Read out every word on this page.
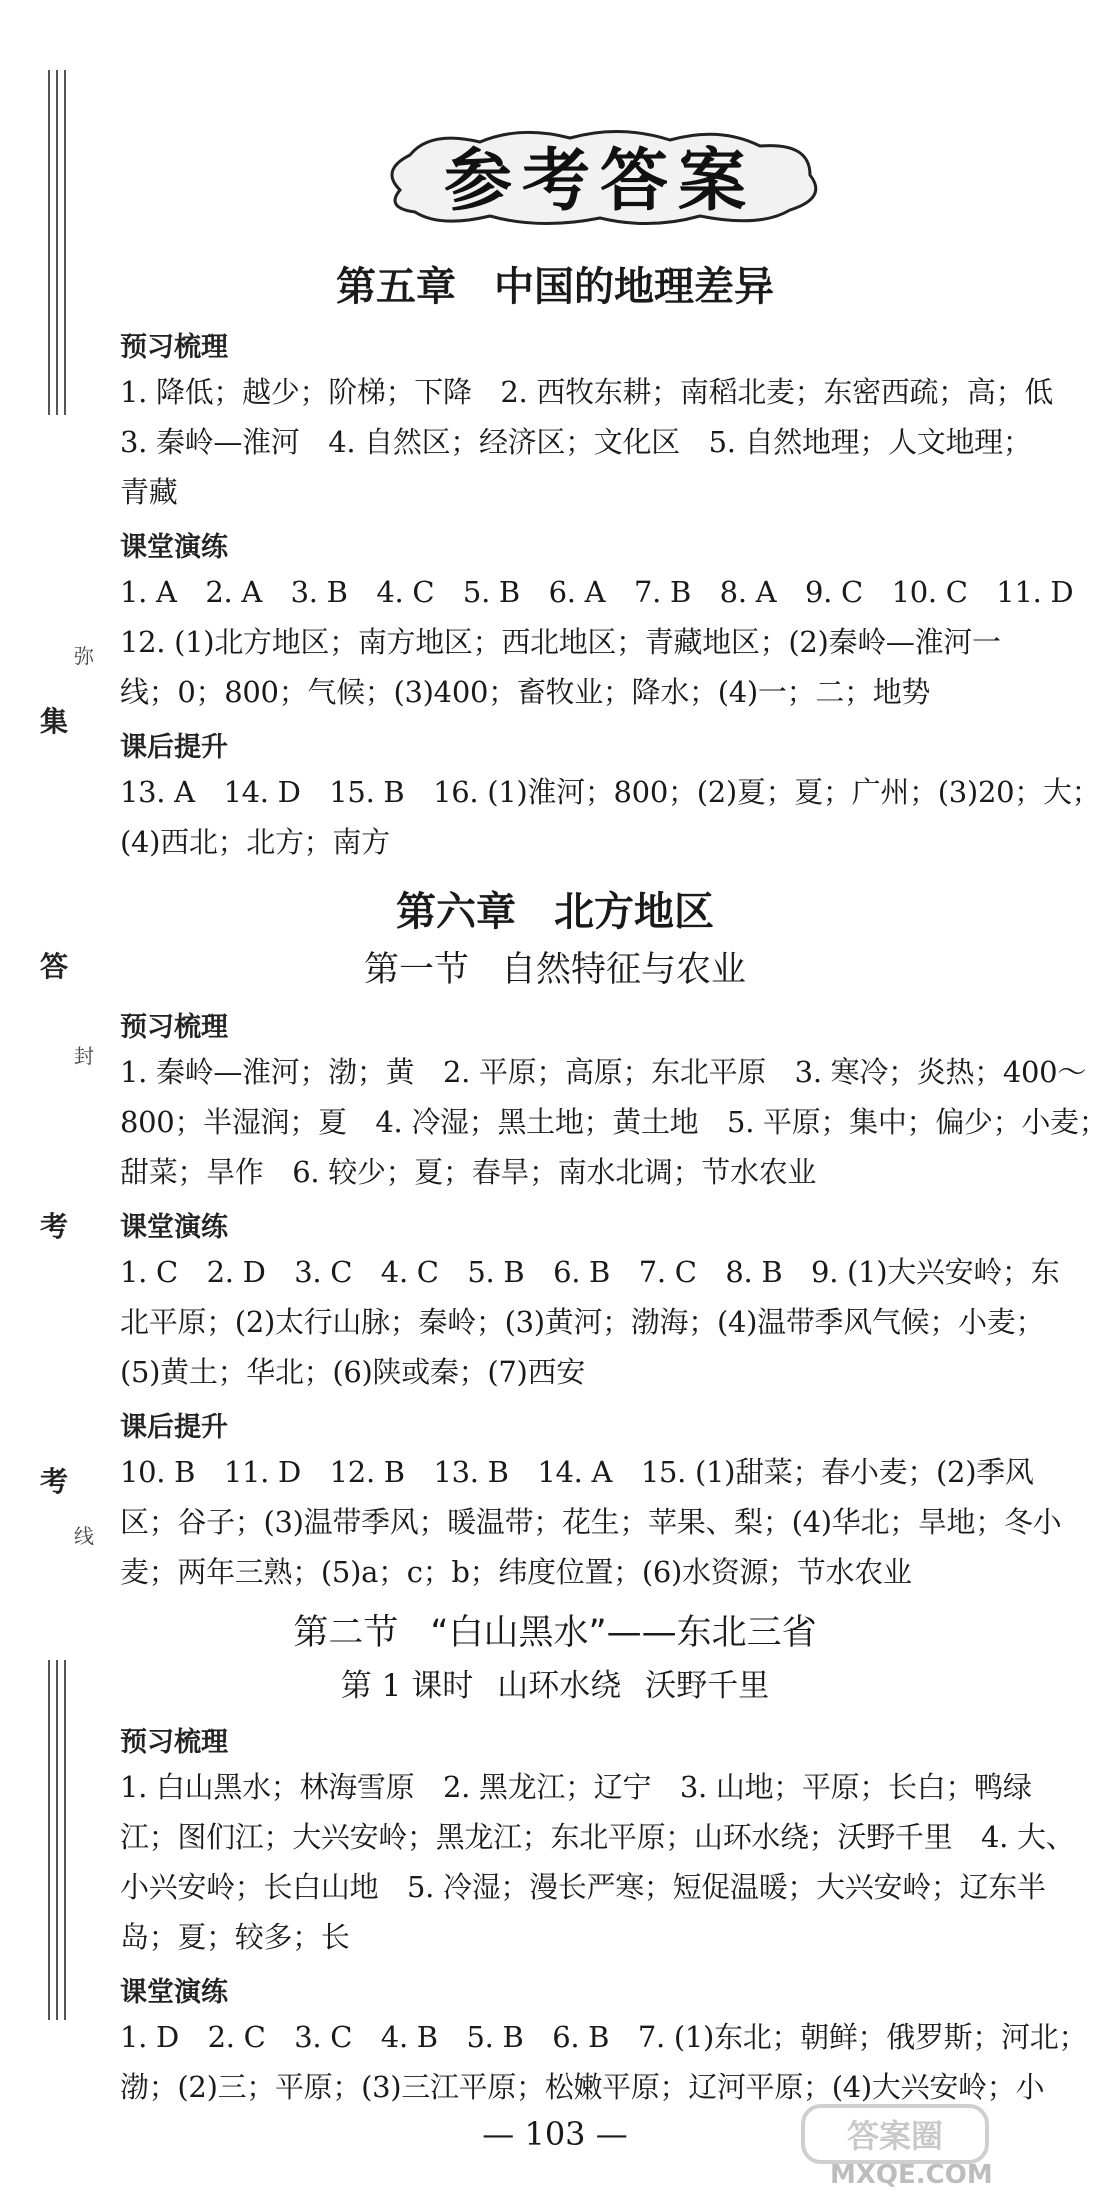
弥
集
答
封
考
考
线
参考答案
第五章 中国的地理差异
预习梳理
1. 降低；越少；阶梯；下降　2. 西牧东耕；南稻北麦；东密西疏；高；低
3. 秦岭—淮河　4. 自然区；经济区；文化区　5. 自然地理；人文地理；
青藏
课堂演练
1. A　2. A　3. B　4. C　5. B　6. A　7. B　8. A　9. C　10. C　11. D
12. (1)北方地区；南方地区；西北地区；青藏地区；(2)秦岭—淮河一
线；0；800；气候；(3)400；畜牧业；降水；(4)一；二；地势
课后提升
13. A　14. D　15. B　16. (1)淮河；800；(2)夏；夏；广州；(3)20；大；
(4)西北；北方；南方
第六章 北方地区
第一节 自然特征与农业
预习梳理
1. 秦岭—淮河；渤；黄　2. 平原；高原；东北平原　3. 寒冷；炎热；400～
800；半湿润；夏　4. 冷湿；黑土地；黄土地　5. 平原；集中；偏少；小麦；
甜菜；旱作　6. 较少；夏；春旱；南水北调；节水农业
课堂演练
1. C　2. D　3. C　4. C　5. B　6. B　7. C　8. B　9. (1)大兴安岭；东
北平原；(2)太行山脉；秦岭；(3)黄河；渤海；(4)温带季风气候；小麦；
(5)黄土；华北；(6)陕或秦；(7)西安
课后提升
10. B　11. D　12. B　13. B　14. A　15. (1)甜菜；春小麦；(2)季风
区；谷子；(3)温带季风；暖温带；花生；苹果、梨；(4)华北；旱地；冬小
麦；两年三熟；(5)a；c；b；纬度位置；(6)水资源；节水农业
第二节 “白山黑水”——东北三省
第 1 课时 山环水绕 沃野千里
预习梳理
1. 白山黑水；林海雪原　2. 黑龙江；辽宁　3. 山地；平原；长白；鸭绿
江；图们江；大兴安岭；黑龙江；东北平原；山环水绕；沃野千里　4. 大、
小兴安岭；长白山地　5. 冷湿；漫长严寒；短促温暖；大兴安岭；辽东半
岛；夏；较多；长
课堂演练
1. D　2. C　3. C　4. B　5. B　6. B　7. (1)东北；朝鲜；俄罗斯；河北；
渤；(2)三；平原；(3)三江平原；松嫩平原；辽河平原；(4)大兴安岭；小
— 103 —	答案圈
MXQE.COM
